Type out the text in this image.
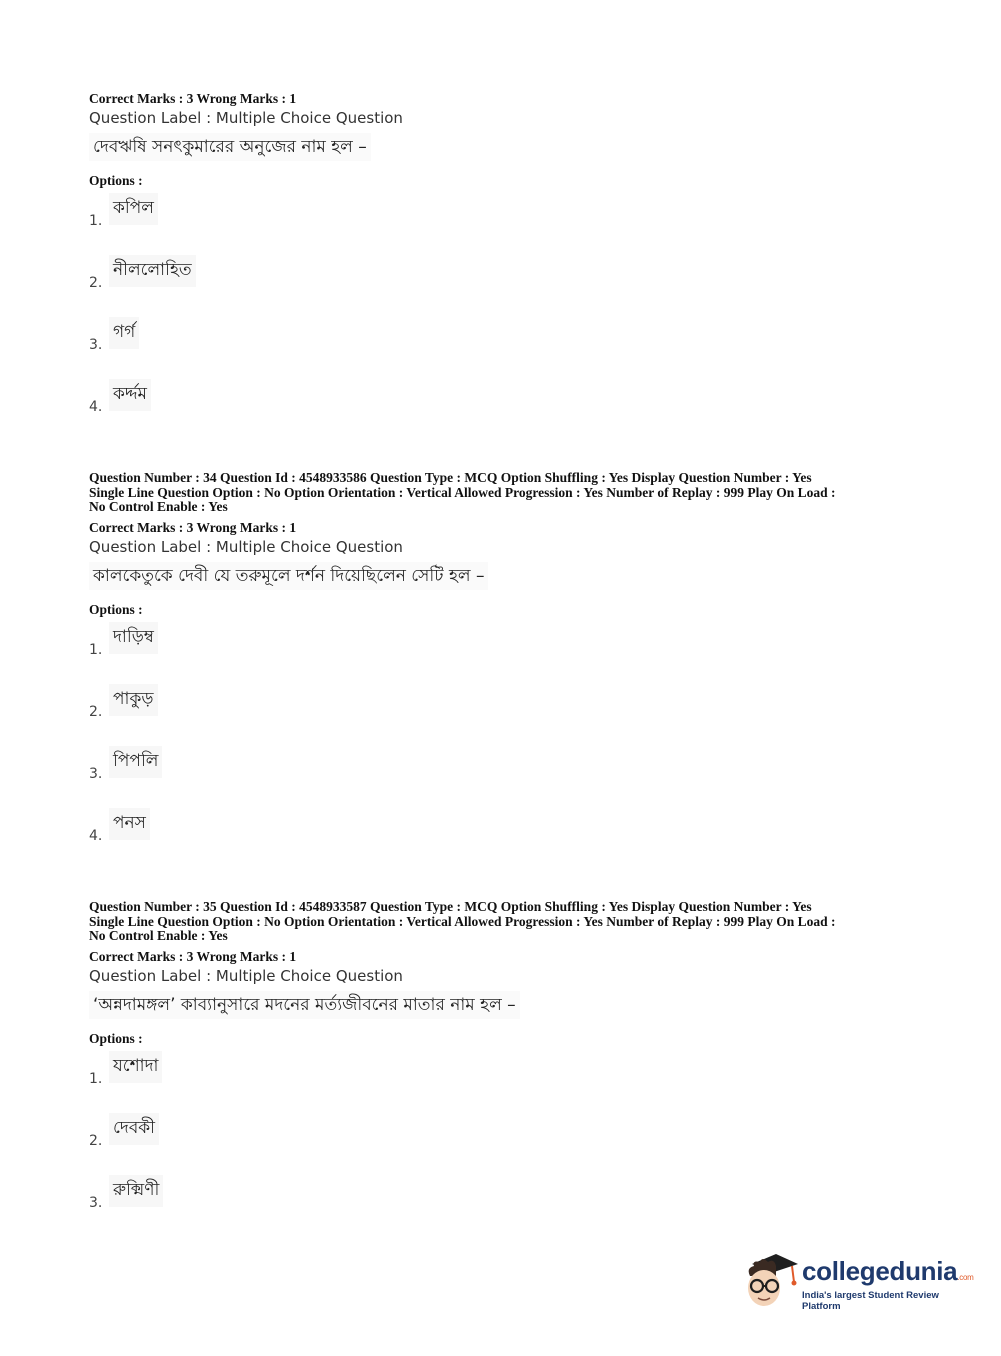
Correct Marks : 3 Wrong Marks : 1

Question Label : Multiple Choice Question

দেবঋষি সনৎকুমারের অনুজের নাম হল –

Options :

1.
কপিল
2.
নীললোহিত
3.
গর্গ
4.
কর্দ্দম

Question Number : 34 Question Id : 4548933586 Question Type : MCQ Option Shuffling : Yes Display Question Number : Yes

Single Line Question Option : No Option Orientation : Vertical Allowed Progression : Yes Number of Replay : 999 Play On Load :

No Control Enable : Yes

Correct Marks : 3 Wrong Marks : 1

Question Label : Multiple Choice Question

কালকেতুকে দেবী যে তরুমূলে দর্শন দিয়েছিলেন সেটি হল –

Options :

1.
দাড়িম্ব
2.
পাকুড়
3.
পিপলি
4.
পনস

Question Number : 35 Question Id : 4548933587 Question Type : MCQ Option Shuffling : Yes Display Question Number : Yes

Single Line Question Option : No Option Orientation : Vertical Allowed Progression : Yes Number of Replay : 999 Play On Load :

No Control Enable : Yes

Correct Marks : 3 Wrong Marks : 1

Question Label : Multiple Choice Question

‘অন্নদামঙ্গল’ কাব্যানুসারে মদনের মর্ত্যজীবনের মাতার নাম হল –

Options :

1.
যশোদা
2.
দেবকী
3.
রুক্মিণী
collegedunia.com
India's largest Student Review Platform
